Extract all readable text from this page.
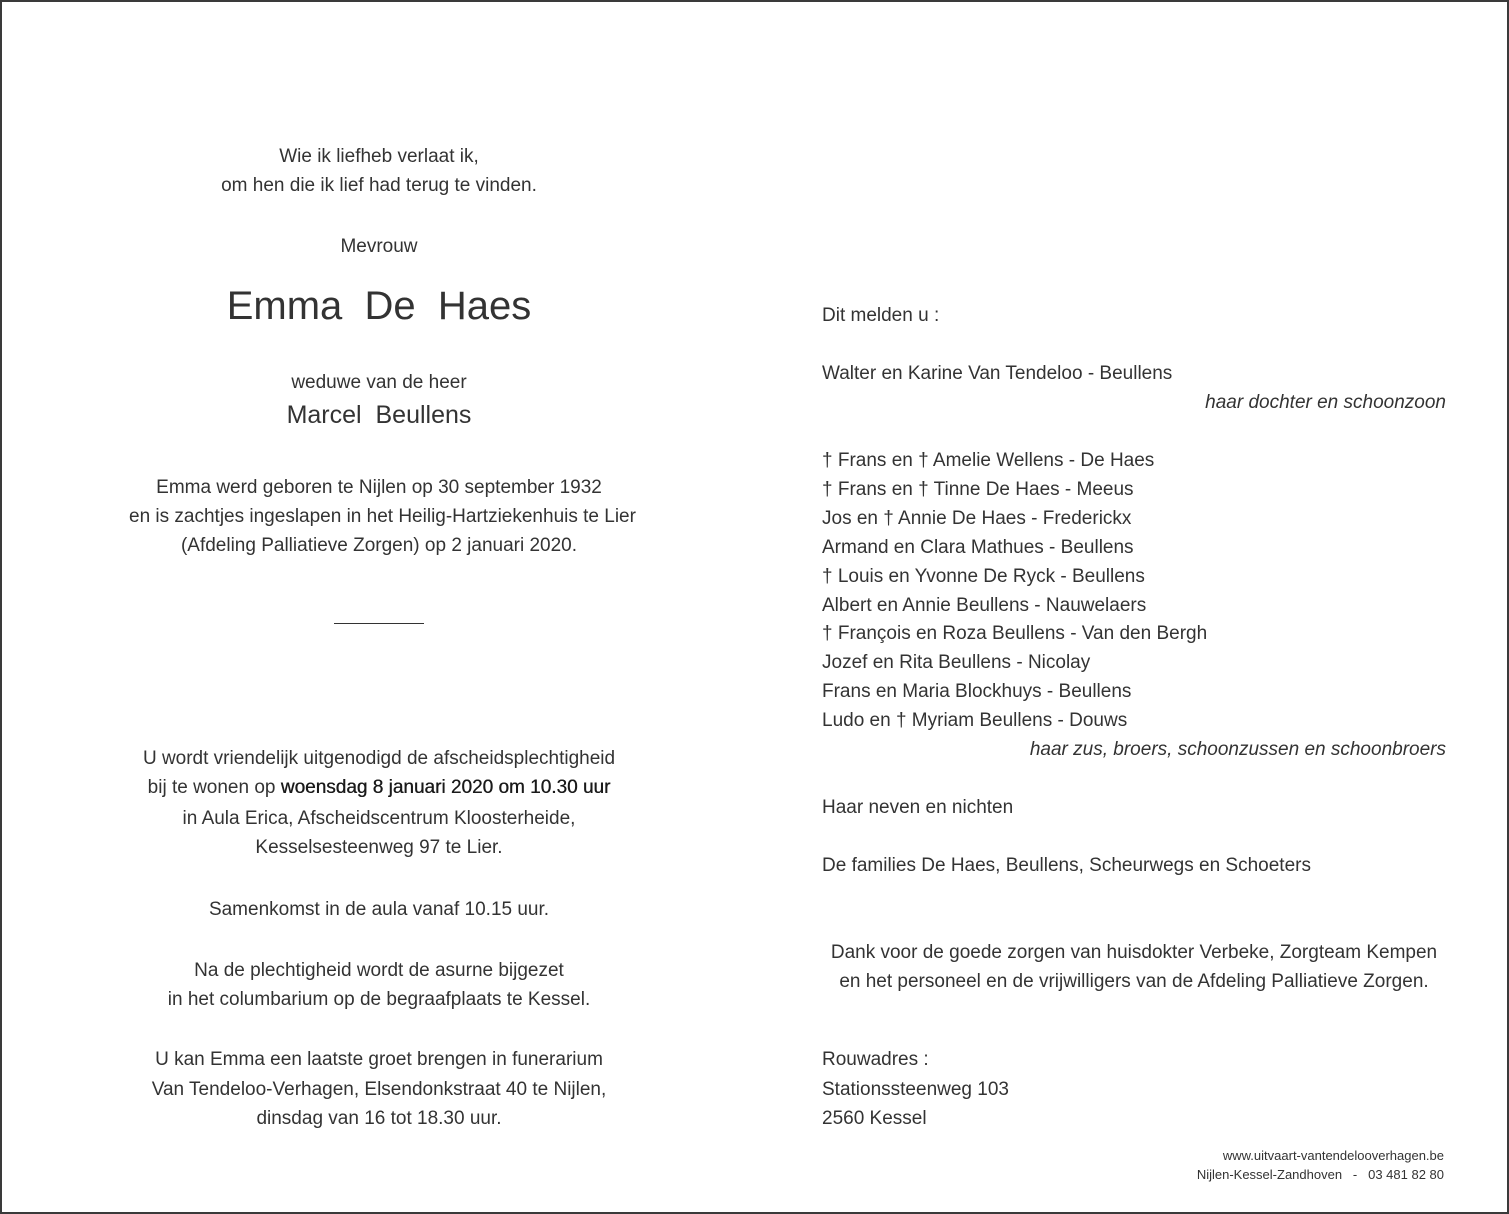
Wie ik liefheb verlaat ik,
om hen die ik lief had terug te vinden.
Mevrouw
Emma De Haes
weduwe van de heer
Marcel Beullens
Emma werd geboren te Nijlen op 30 september 1932
en is zachtjes ingeslapen in het Heilig-Hartziekenhuis te Lier
(Afdeling Palliatieve Zorgen) op 2 januari 2020.
U wordt vriendelijk uitgenodigd de afscheidsplechtigheid
bij te wonen op woensdag 8 januari 2020 om 10.30 uur
in Aula Erica, Afscheidscentrum Kloosterheide,
Kesselsesteenweg 97 te Lier.
Samenkomst in de aula vanaf 10.15 uur.
Na de plechtigheid wordt de asurne bijgezet
in het columbarium op de begraafplaats te Kessel.
U kan Emma een laatste groet brengen in funerarium
Van Tendeloo-Verhagen, Elsendonkstraat 40 te Nijlen,
dinsdag van 16 tot 18.30 uur.
Dit melden u :
Walter en Karine Van Tendeloo - Beullens
haar dochter en schoonzoon
† Frans en † Amelie Wellens - De Haes
† Frans en † Tinne De Haes - Meeus
Jos en † Annie De Haes - Frederickx
Armand en Clara Mathues - Beullens
† Louis en Yvonne De Ryck - Beullens
Albert en Annie Beullens - Nauwelaers
† François en Roza Beullens - Van den Bergh
Jozef en Rita Beullens - Nicolay
Frans en Maria Blockhuys - Beullens
Ludo en † Myriam Beullens - Douws
haar zus, broers, schoonzussen en schoonbroers
Haar neven en nichten
De families De Haes, Beullens, Scheurwegs en Schoeters
Dank voor de goede zorgen van huisdokter Verbeke, Zorgteam Kempen
en het personeel en de vrijwilligers van de Afdeling Palliatieve Zorgen.
Rouwadres :
Stationssteenweg 103
2560 Kessel
www.uitvaart-vantendelooverhagen.be
Nijlen-Kessel-Zandhoven - 03 481 82 80
